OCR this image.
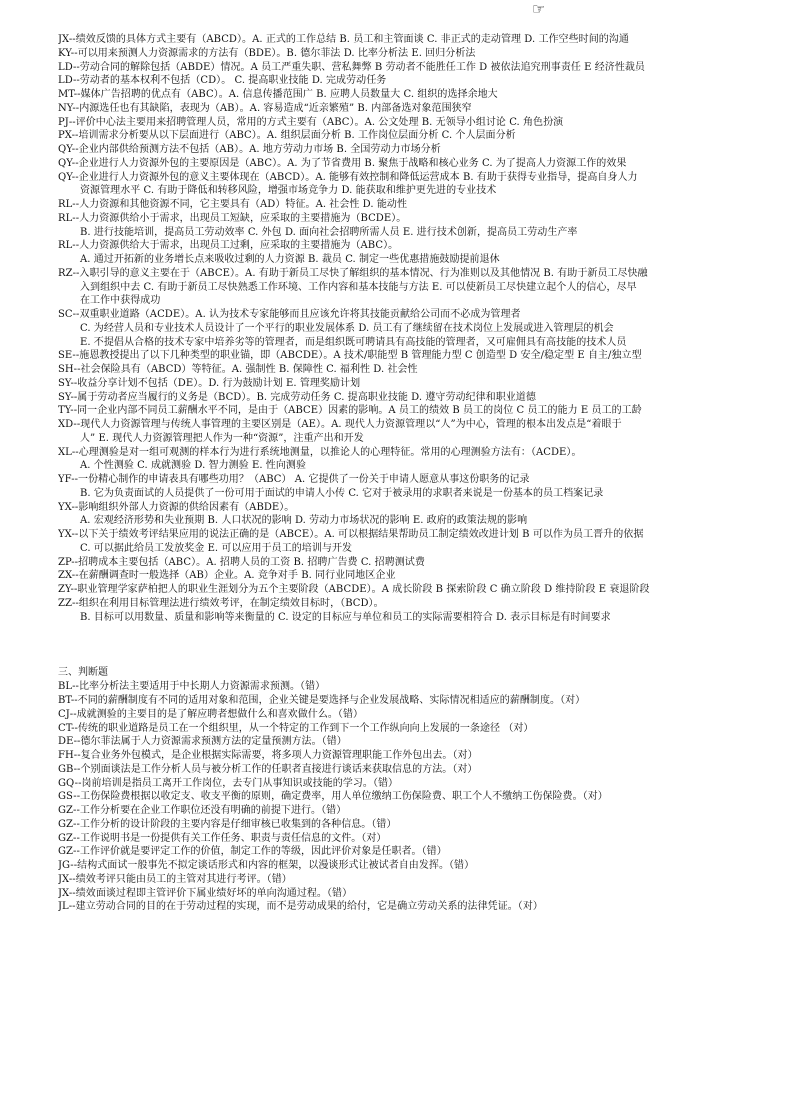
☞
JX--绩效反馈的具体方式主要有（ABCD）。A. 正式的工作总结 B. 员工和主管面谈 C. 非正式的走动管理 D. 工作空些时间的沟通
KY--可以用来预测人力资源需求的方法有（BDE）。B. 德尔菲法 D. 比率分析法 E. 回归分析法
LD--劳动合同的解除包括（ABDE）情况。A 员工严重失职、营私舞弊 B 劳动者不能胜任工作 D 被依法追究刑事责任 E 经济性裁员
LD--劳动者的基本权利不包括（CD）。 C. 提高职业技能 D. 完成劳动任务
MT--媒体广告招聘的优点有（ABC）。A. 信息传播范围广 B. 应聘人员数量大 C. 组织的选择余地大
NY--内源选任也有其缺陷，表现为（AB）。A. 容易造成“近亲繁殖” B. 内部备选对象范围狭窄
PJ--评价中心法主要用来招聘管理人员，常用的方式主要有（ABC）。A. 公文处理 B. 无领导小组讨论 C. 角色扮演
PX--培训需求分析要从以下层面进行（ABC）。A. 组织层面分析 B. 工作岗位层面分析 C. 个人层面分析
QY--企业内部供给预测方法不包括（AB）。A. 地方劳动力市场 B. 全国劳动力市场分析
QY--企业进行人力资源外包的主要原因是（ABC）。A. 为了节省费用 B. 聚焦于战略和核心业务 C. 为了提高人力资源工作的效果
QY--企业进行人力资源外包的意义主要体现在（ABCD）。A. 能够有效控制和降低运营成本 B. 有助于获得专业指导，提高自身人力
资源管理水平 C. 有助于降低和转移风险，增强市场竞争力 D. 能获取和维护更先进的专业技术
RL--人力资源和其他资源不同，它主要具有（AD）特征。A. 社会性 D. 能动性
RL--人力资源供给小于需求，出现员工短缺，应采取的主要措施为（BCDE）。
B. 进行技能培训，提高员工劳动效率 C. 外包 D. 面向社会招聘所需人员 E. 进行技术创新，提高员工劳动生产率
RL--人力资源供给大于需求，出现员工过剩，应采取的主要措施为（ABC）。
A. 通过开拓新的业务增长点来吸收过剩的人力资源 B. 裁员 C. 制定一些优惠措施鼓励提前退休
RZ--入职引导的意义主要在于（ABCE）。A. 有助于新员工尽快了解组织的基本情况、行为准则以及其他情况 B. 有助于新员工尽快融
入到组织中去 C. 有助于新员工尽快熟悉工作环境、工作内容和基本技能与方法 E. 可以使新员工尽快建立起个人的信心，尽早
在工作中获得成功
SC--双重职业道路（ACDE）。A. 认为技术专家能够而且应该允许将其技能贡献给公司而不必成为管理者
C. 为经营人员和专业技术人员设计了一个平行的职业发展体系 D. 员工有了继续留在技术岗位上发展或进入管理层的机会
E. 不提倡从合格的技术专家中培养劣等的管理者，而是组织既可聘请具有高技能的管理者，又可雇佣具有高技能的技术人员
SE--施恩教授提出了以下几种类型的职业锚，即（ABCDE）。A 技术/职能型 B 管理能力型 C 创造型 D 安全/稳定型 E 自主/独立型
SH--社会保险具有（ABCD）等特征。A. 强制性 B. 保障性 C. 福利性 D. 社会性
SY--收益分享计划不包括（DE）。D. 行为鼓励计划 E. 管理奖励计划
SY--属于劳动者应当履行的义务是（BCD）。B. 完成劳动任务 C. 提高职业技能 D. 遵守劳动纪律和职业道德
TY--同一企业内部不同员工薪酬水平不同，是由于（ABCE）因素的影响。A 员工的绩效 B 员工的岗位 C 员工的能力 E 员工的工龄
XD--现代人力资源管理与传统人事管理的主要区别是（AE）。A. 现代人力资源管理以“人”为中心，管理的根本出发点是“着眼于
人” E. 现代人力资源管理把人作为一种“资源”，注重产出和开发
XL--心理测验是对一组可观测的样本行为进行系统地测量，以推论人的心理特征。常用的心理测验方法有：（ACDE）。
A. 个性测验 C. 成就测验 D. 智力测验 E. 性向测验
YF--一份精心制作的申请表具有哪些功用？（ABC） A. 它提供了一份关于申请人愿意从事这份职务的记录
B. 它为负责面试的人员提供了一份可用于面试的申请人小传 C. 它对于被录用的求职者来说是一份基本的员工档案记录
YX--影响组织外部人力资源的供给因素有（ABDE）。
A. 宏观经济形势和失业预期 B. 人口状况的影响 D. 劳动力市场状况的影响 E. 政府的政策法规的影响
YX--以下关于绩效考评结果应用的说法正确的是（ABCE）。A. 可以根据结果帮助员工制定绩效改进计划 B 可以作为员工晋升的依据
C. 可以据此给员工发放奖金 E. 可以应用于员工的培训与开发
ZP--招聘成本主要包括（ABC）。A. 招聘人员的工资 B. 招聘广告费 C. 招聘测试费
ZX--在薪酬调查时一般选择（AB）企业。A. 竞争对手 B. 同行业同地区企业
ZY--职业管理学家萨柏把人的职业生涯划分为五个主要阶段（ABCDE）。A 成长阶段 B 探索阶段 C 确立阶段 D 维持阶段 E 衰退阶段
ZZ--组织在利用目标管理法进行绩效考评，在制定绩效目标时，（BCD）。
B. 目标可以用数量、质量和影响等来衡量的 C. 设定的目标应与单位和员工的实际需要相符合 D. 表示目标是有时间要求
三、判断题
BL--比率分析法主要适用于中长期人力资源需求预测。（错）
BT--不同的薪酬制度有不同的适用对象和范围，企业关键是要选择与企业发展战略、实际情况相适应的薪酬制度。（对）
CJ--成就测验的主要目的是了解应聘者想做什么和喜欢做什么。（错）
CT--传统的职业道路是员工在一个组织里，从一个特定的工作到下一个工作纵向向上发展的一条途径 （对）
DE--德尔菲法属于人力资源需求预测方法的定量预测方法。（错）
FH--复合业务外包模式，是企业根据实际需要，将多项人力资源管理职能工作外包出去。（对）
GB--个别面谈法是工作分析人员与被分析工作的任职者直接进行谈话来获取信息的方法。（对）
GQ--岗前培训是指员工离开工作岗位，去专门从事知识或技能的学习。（错）
GS--工伤保险费根据以收定支、收支平衡的原则，确定费率，用人单位缴纳工伤保险费、职工个人不缴纳工伤保险费。（对）
GZ--工作分析要在企业工作职位还没有明确的前提下进行。（错）
GZ--工作分析的设计阶段的主要内容是仔细审核已收集到的各种信息。（错）
GZ--工作说明书是一份提供有关工作任务、职责与责任信息的文件。（对）
GZ--工作评价就是要评定工作的价值，制定工作的等级，因此评价对象是任职者。（错）
JG--结构式面试一般事先不拟定谈话形式和内容的框架，以漫谈形式让被试者自由发挥。（错）
JX--绩效考评只能由员工的主管对其进行考评。（错）
JX--绩效面谈过程即主管评价下属业绩好坏的单向沟通过程。（错）
JL--建立劳动合同的目的在于劳动过程的实现，而不是劳动成果的给付，它是确立劳动关系的法律凭证。（对）
